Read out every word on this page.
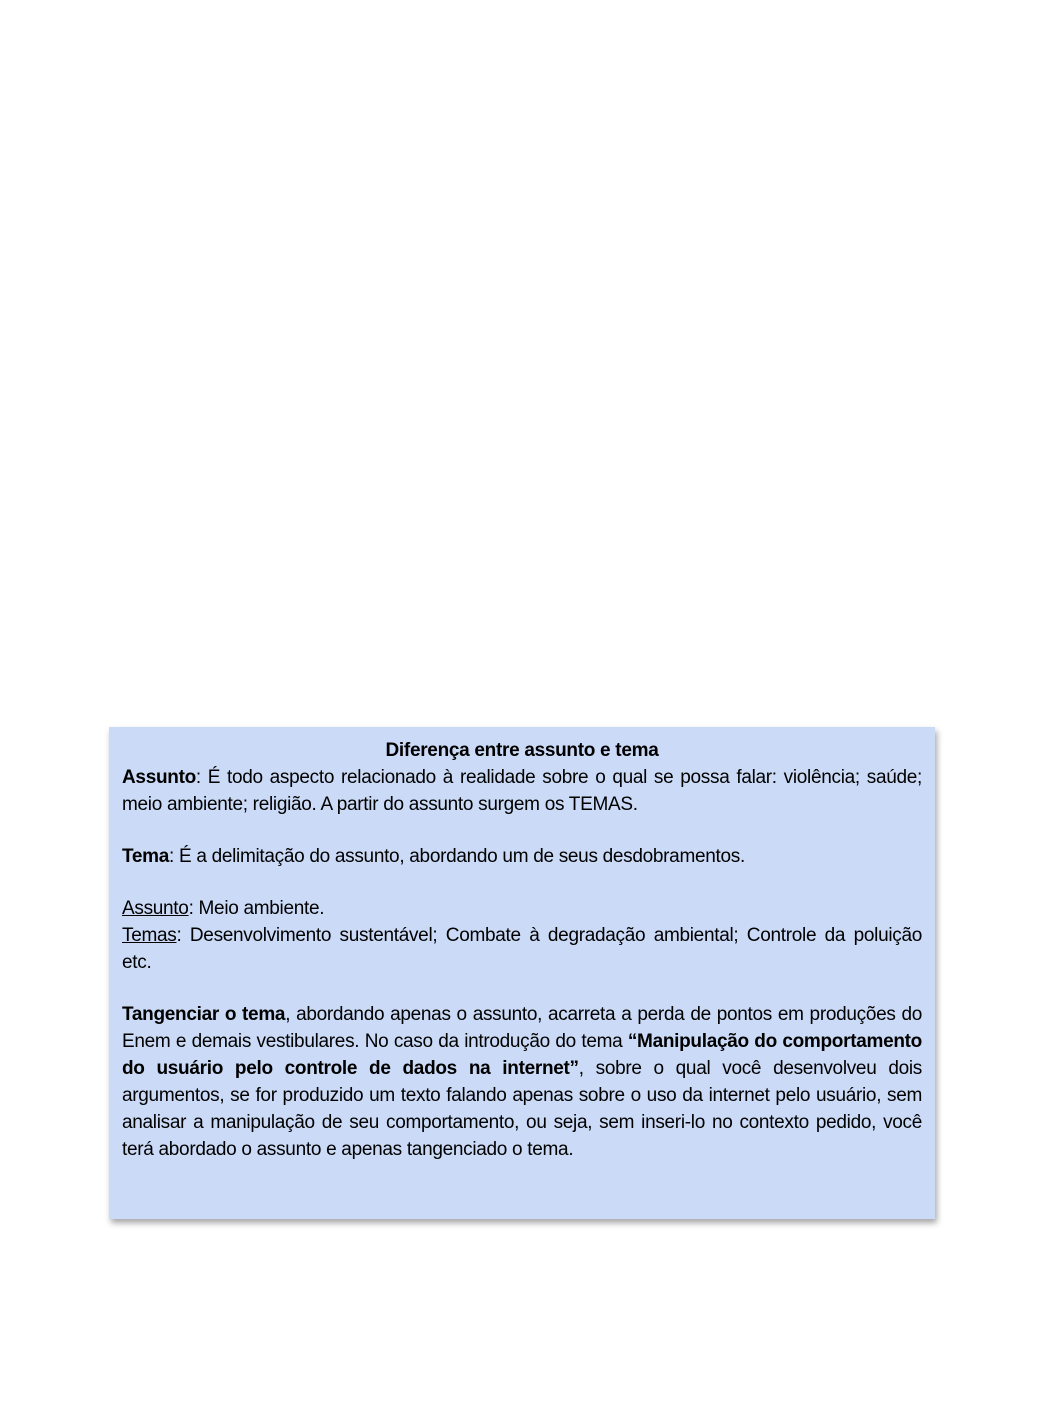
Diferença entre assunto e tema

Assunto: É todo aspecto relacionado à realidade sobre o qual se possa falar: violência; saúde; meio ambiente; religião. A partir do assunto surgem os TEMAS.

Tema: É a delimitação do assunto, abordando um de seus desdobramentos.

Assunto: Meio ambiente.

Temas: Desenvolvimento sustentável; Combate à degradação ambiental; Controle da poluição etc.

Tangenciar o tema, abordando apenas o assunto, acarreta a perda de pontos em produções do Enem e demais vestibulares. No caso da introdução do tema “Manipulação do comportamento do usuário pelo controle de dados na internet”, sobre o qual você desenvolveu dois argumentos, se for produzido um texto falando apenas sobre o uso da internet pelo usuário, sem analisar a manipulação de seu comportamento, ou seja, sem inseri-lo no contexto pedido, você terá abordado o assunto e apenas tangenciado o tema.
